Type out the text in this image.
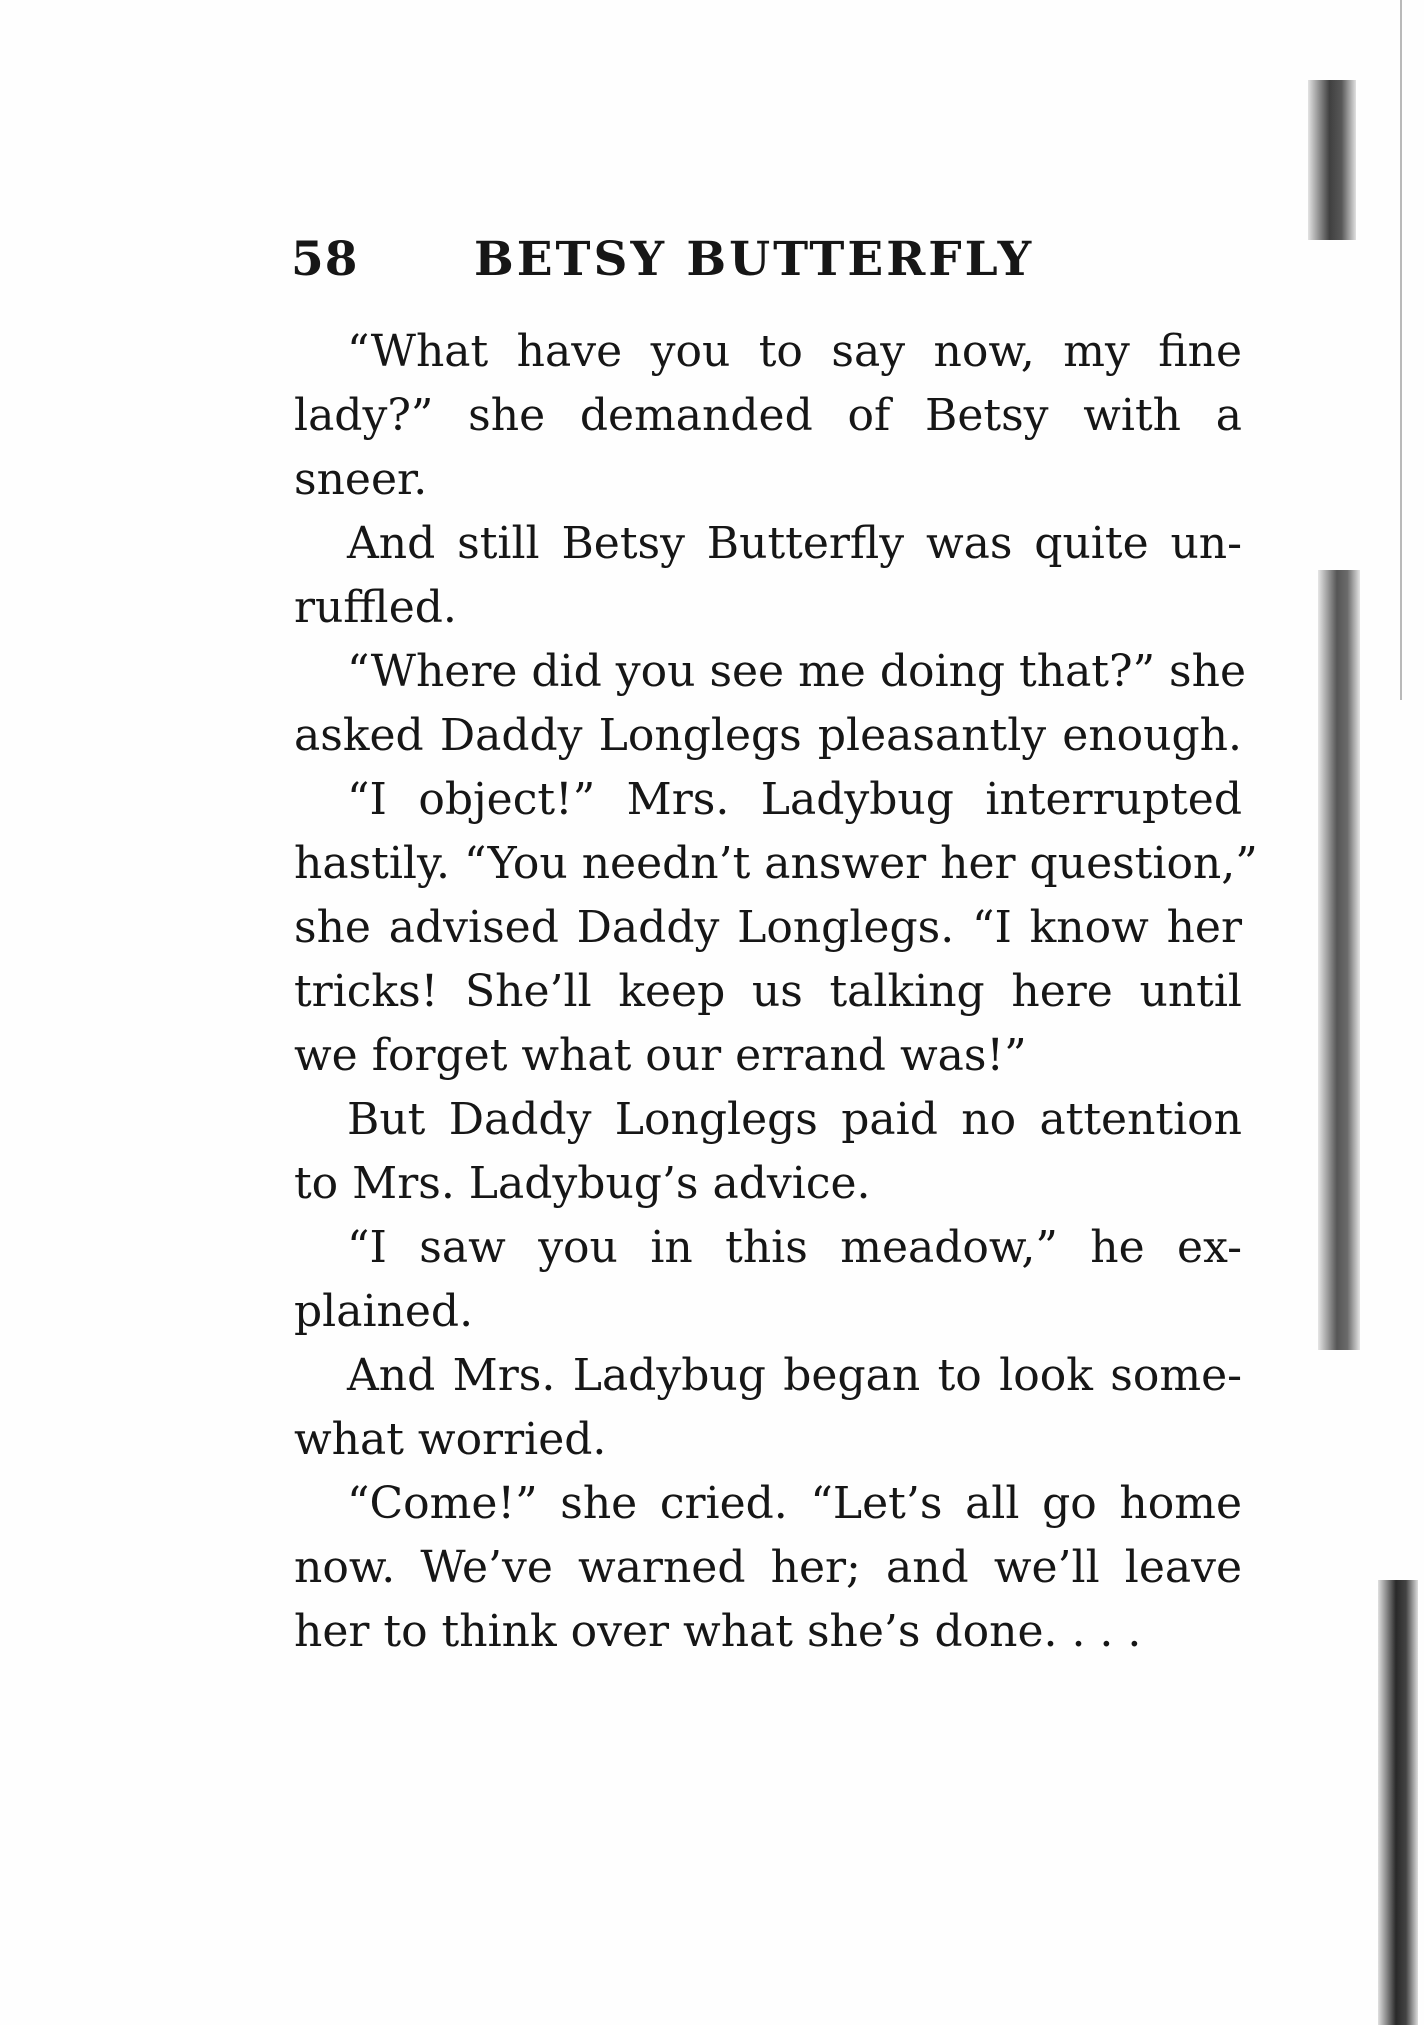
58 BETSY BUTTERFLY
“What have you to say now, my fine
lady?” she demanded of Betsy with a
sneer.
And still Betsy Butterfly was quite un-
ruffled.
“Where did you see me doing that?” she
asked Daddy Longlegs pleasantly enough.
“I object!” Mrs. Ladybug interrupted
hastily. “You needn’t answer her question,”
she advised Daddy Longlegs. “I know her
tricks! She’ll keep us talking here until
we forget what our errand was!”
But Daddy Longlegs paid no attention
to Mrs. Ladybug’s advice.
“I saw you in this meadow,” he ex-
plained.
And Mrs. Ladybug began to look some-
what worried.
“Come!” she cried. “Let’s all go home
now. We’ve warned her; and we’ll leave
her to think over what she’s done. . . .
